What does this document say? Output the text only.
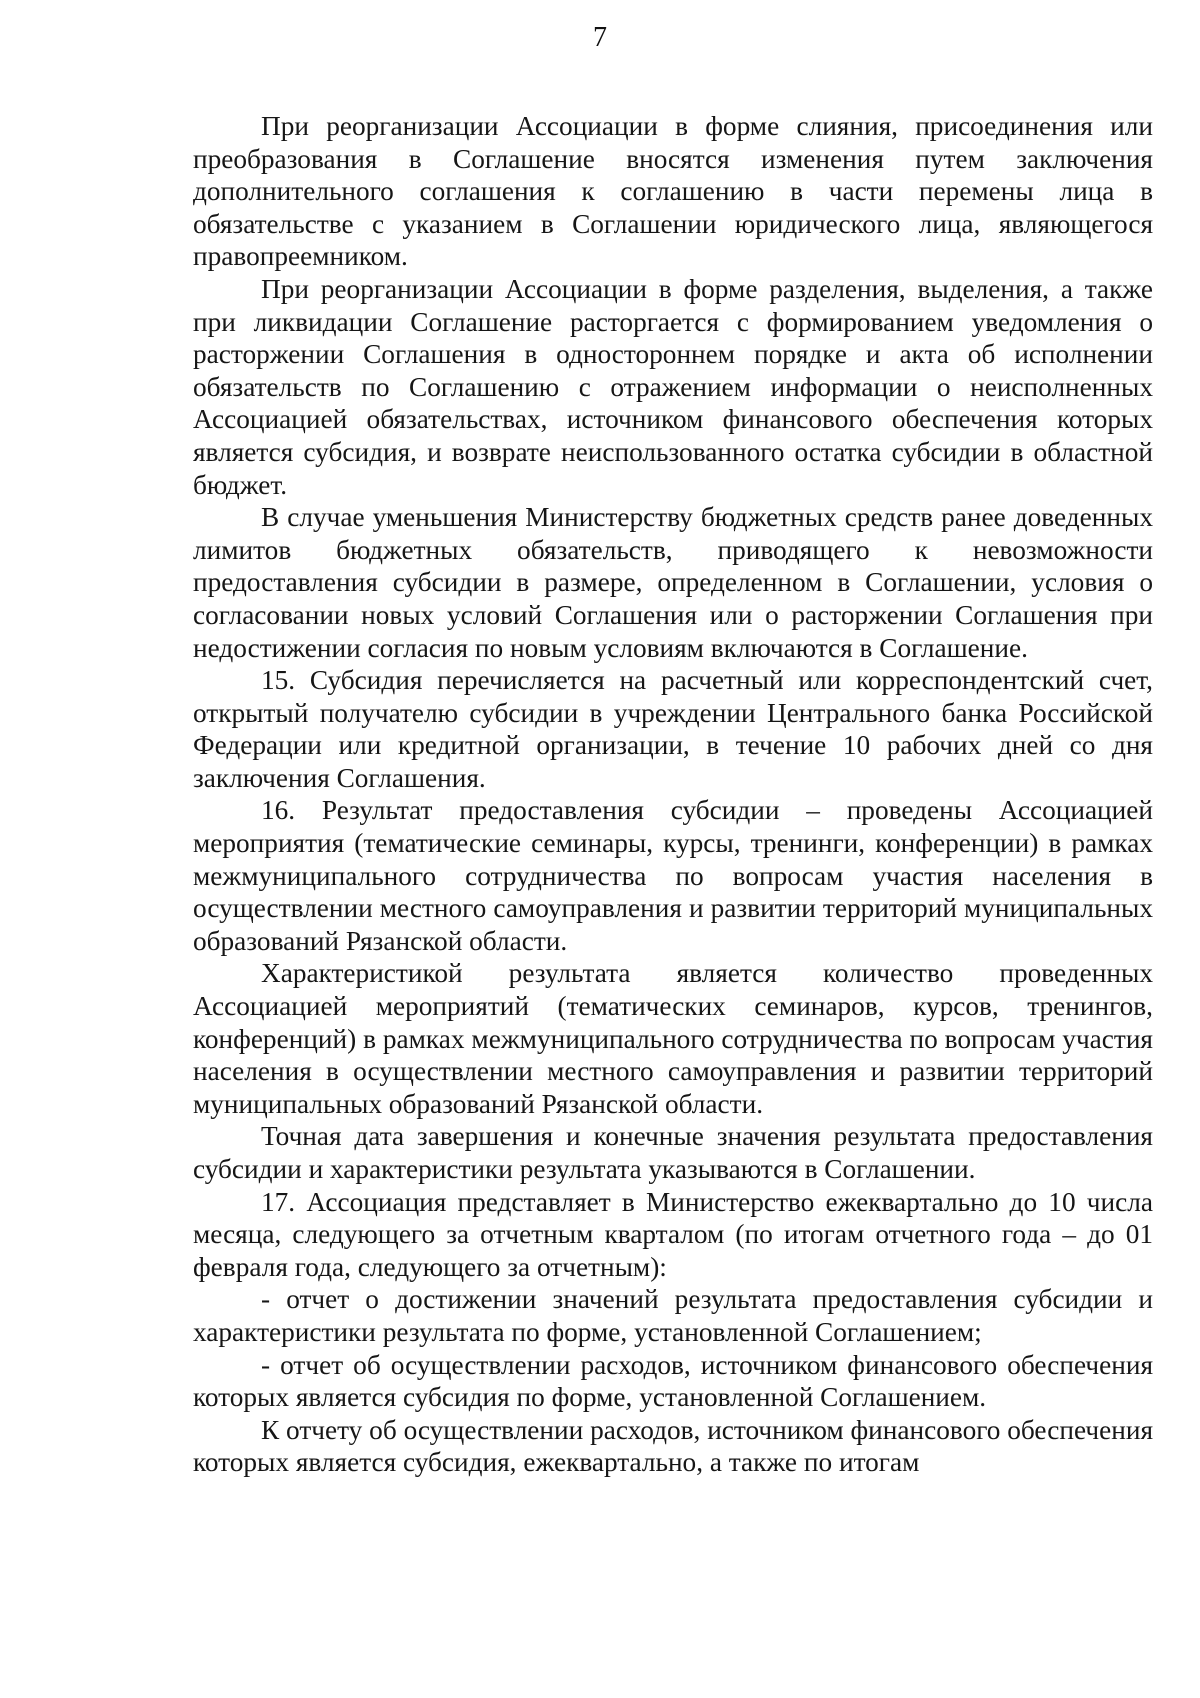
7

При реорганизации Ассоциации в форме слияния, присоединения или преобразования в Соглашение вносятся изменения путем заключения дополнительного соглашения к соглашению в части перемены лица в обязательстве с указанием в Соглашении юридического лица, являющегося правопреемником.

При реорганизации Ассоциации в форме разделения, выделения, а также при ликвидации Соглашение расторгается с формированием уведомления о расторжении Соглашения в одностороннем порядке и акта об исполнении обязательств по Соглашению с отражением информации о неисполненных Ассоциацией обязательствах, источником финансового обеспечения которых является субсидия, и возврате неиспользованного остатка субсидии в областной бюджет.

В случае уменьшения Министерству бюджетных средств ранее доведенных лимитов бюджетных обязательств, приводящего к невозможности предоставления субсидии в размере, определенном в Соглашении, условия о согласовании новых условий Соглашения или о расторжении Соглашения при недостижении согласия по новым условиям включаются в Соглашение.

15. Субсидия перечисляется на расчетный или корреспондентский счет, открытый получателю субсидии в учреждении Центрального банка Российской Федерации или кредитной организации, в течение 10 рабочих дней со дня заключения Соглашения.

16. Результат предоставления субсидии – проведены Ассоциацией мероприятия (тематические семинары, курсы, тренинги, конференции) в рамках межмуниципального сотрудничества по вопросам участия населения в осуществлении местного самоуправления и развитии территорий муниципальных образований Рязанской области.

Характеристикой результата является количество проведенных Ассоциацией мероприятий (тематических семинаров, курсов, тренингов, конференций) в рамках межмуниципального сотрудничества по вопросам участия населения в осуществлении местного самоуправления и развитии территорий муниципальных образований Рязанской области.

Точная дата завершения и конечные значения результата предоставления субсидии и характеристики результата указываются в Соглашении.

17. Ассоциация представляет в Министерство ежеквартально до 10 числа месяца, следующего за отчетным кварталом (по итогам отчетного года – до 01 февраля года, следующего за отчетным):

- отчет о достижении значений результата предоставления субсидии и характеристики результата по форме, установленной Соглашением;

- отчет об осуществлении расходов, источником финансового обеспечения которых является субсидия по форме, установленной Соглашением.

К отчету об осуществлении расходов, источником финансового обеспечения которых является субсидия, ежеквартально, а также по итогам
